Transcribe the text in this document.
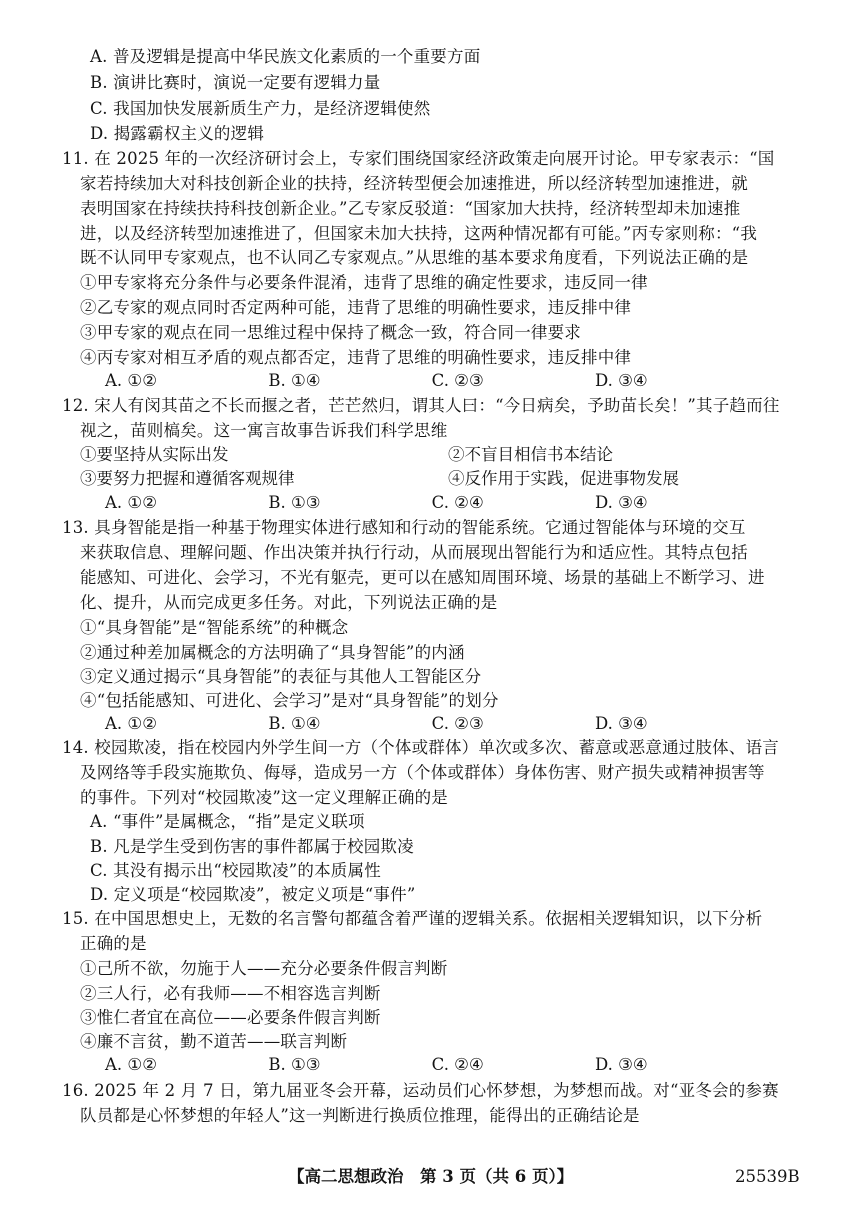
A. 普及逻辑是提高中华民族文化素质的一个重要方面
B. 演讲比赛时，演说一定要有逻辑力量
C. 我国加快发展新质生产力，是经济逻辑使然
D. 揭露霸权主义的逻辑
11. 在 2025 年的一次经济研讨会上，专家们围绕国家经济政策走向展开讨论。甲专家表示：“国
家若持续加大对科技创新企业的扶持，经济转型便会加速推进，所以经济转型加速推进，就
表明国家在持续扶持科技创新企业。”乙专家反驳道：“国家加大扶持，经济转型却未加速推
进，以及经济转型加速推进了，但国家未加大扶持，这两种情况都有可能。”丙专家则称：“我
既不认同甲专家观点，也不认同乙专家观点。”从思维的基本要求角度看，下列说法正确的是
①甲专家将充分条件与必要条件混淆，违背了思维的确定性要求，违反同一律
②乙专家的观点同时否定两种可能，违背了思维的明确性要求，违反排中律
③甲专家的观点在同一思维过程中保持了概念一致，符合同一律要求
④丙专家对相互矛盾的观点都否定，违背了思维的明确性要求，违反排中律
A. ①②	B. ①④	C. ②③	D. ③④
12. 宋人有闵其苗之不长而揠之者，芒芒然归，谓其人曰：“今日病矣，予助苗长矣！”其子趋而往
视之，苗则槁矣。这一寓言故事告诉我们科学思维
①要坚持从实际出发	②不盲目相信书本结论
③要努力把握和遵循客观规律	④反作用于实践，促进事物发展
A. ①②	B. ①③	C. ②④	D. ③④
13. 具身智能是指一种基于物理实体进行感知和行动的智能系统。它通过智能体与环境的交互
来获取信息、理解问题、作出决策并执行行动，从而展现出智能行为和适应性。其特点包括
能感知、可进化、会学习，不光有躯壳，更可以在感知周围环境、场景的基础上不断学习、进
化、提升，从而完成更多任务。对此，下列说法正确的是
①“具身智能”是“智能系统”的种概念
②通过种差加属概念的方法明确了“具身智能”的内涵
③定义通过揭示“具身智能”的表征与其他人工智能区分
④“包括能感知、可进化、会学习”是对“具身智能”的划分
A. ①②	B. ①④	C. ②③	D. ③④
14. 校园欺凌，指在校园内外学生间一方（个体或群体）单次或多次、蓄意或恶意通过肢体、语言
及网络等手段实施欺负、侮辱，造成另一方（个体或群体）身体伤害、财产损失或精神损害等
的事件。下列对“校园欺凌”这一定义理解正确的是
A. “事件”是属概念，“指”是定义联项
B. 凡是学生受到伤害的事件都属于校园欺凌
C. 其没有揭示出“校园欺凌”的本质属性
D. 定义项是“校园欺凌”，被定义项是“事件”
15. 在中国思想史上，无数的名言警句都蕴含着严谨的逻辑关系。依据相关逻辑知识，以下分析
正确的是
①己所不欲，勿施于人——充分必要条件假言判断
②三人行，必有我师——不相容选言判断
③惟仁者宜在高位——必要条件假言判断
④廉不言贫，勤不道苦——联言判断
A. ①②	B. ①③	C. ②④	D. ③④
16. 2025 年 2 月 7 日，第九届亚冬会开幕，运动员们心怀梦想，为梦想而战。对“亚冬会的参赛
队员都是心怀梦想的年轻人”这一判断进行换质位推理，能得出的正确结论是
【高二思想政治　第 3 页（共 6 页）】	25539B
